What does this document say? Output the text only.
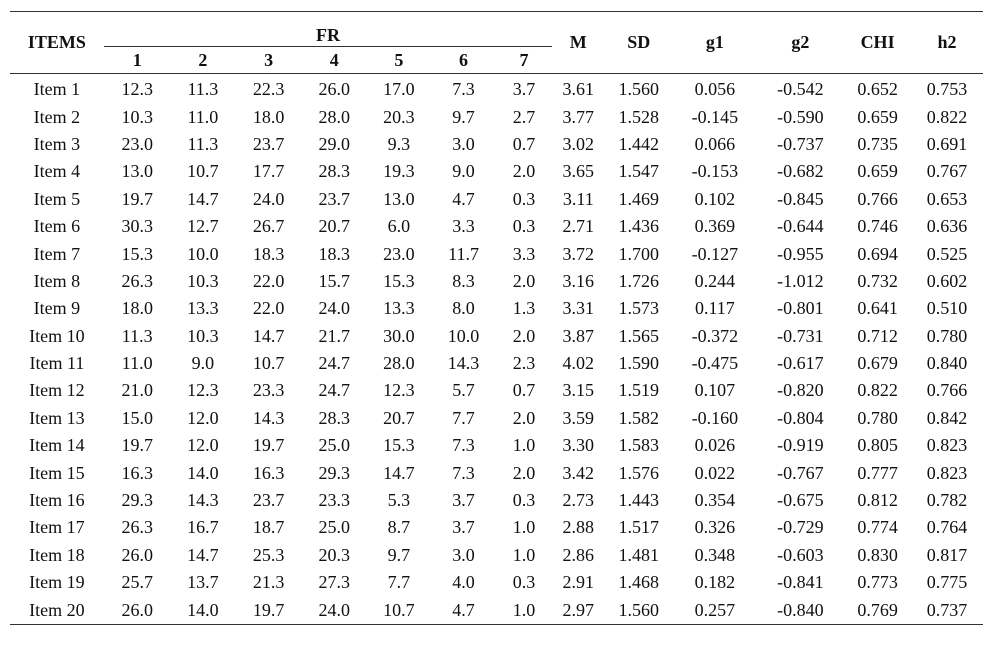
ITEMS	FR							M	SD	g1	g2	CHI	h2
	1	2	3	4	5	6	7						
Item 1	12.3	11.3	22.3	26.0	17.0	7.3	3.7	3.61	1.560	0.056	-0.542	0.652	0.753
Item 2	10.3	11.0	18.0	28.0	20.3	9.7	2.7	3.77	1.528	-0.145	-0.590	0.659	0.822
Item 3	23.0	11.3	23.7	29.0	9.3	3.0	0.7	3.02	1.442	0.066	-0.737	0.735	0.691
Item 4	13.0	10.7	17.7	28.3	19.3	9.0	2.0	3.65	1.547	-0.153	-0.682	0.659	0.767
Item 5	19.7	14.7	24.0	23.7	13.0	4.7	0.3	3.11	1.469	0.102	-0.845	0.766	0.653
Item 6	30.3	12.7	26.7	20.7	6.0	3.3	0.3	2.71	1.436	0.369	-0.644	0.746	0.636
Item 7	15.3	10.0	18.3	18.3	23.0	11.7	3.3	3.72	1.700	-0.127	-0.955	0.694	0.525
Item 8	26.3	10.3	22.0	15.7	15.3	8.3	2.0	3.16	1.726	0.244	-1.012	0.732	0.602
Item 9	18.0	13.3	22.0	24.0	13.3	8.0	1.3	3.31	1.573	0.117	-0.801	0.641	0.510
Item 10	11.3	10.3	14.7	21.7	30.0	10.0	2.0	3.87	1.565	-0.372	-0.731	0.712	0.780
Item 11	11.0	9.0	10.7	24.7	28.0	14.3	2.3	4.02	1.590	-0.475	-0.617	0.679	0.840
Item 12	21.0	12.3	23.3	24.7	12.3	5.7	0.7	3.15	1.519	0.107	-0.820	0.822	0.766
Item 13	15.0	12.0	14.3	28.3	20.7	7.7	2.0	3.59	1.582	-0.160	-0.804	0.780	0.842
Item 14	19.7	12.0	19.7	25.0	15.3	7.3	1.0	3.30	1.583	0.026	-0.919	0.805	0.823
Item 15	16.3	14.0	16.3	29.3	14.7	7.3	2.0	3.42	1.576	0.022	-0.767	0.777	0.823
Item 16	29.3	14.3	23.7	23.3	5.3	3.7	0.3	2.73	1.443	0.354	-0.675	0.812	0.782
Item 17	26.3	16.7	18.7	25.0	8.7	3.7	1.0	2.88	1.517	0.326	-0.729	0.774	0.764
Item 18	26.0	14.7	25.3	20.3	9.7	3.0	1.0	2.86	1.481	0.348	-0.603	0.830	0.817
Item 19	25.7	13.7	21.3	27.3	7.7	4.0	0.3	2.91	1.468	0.182	-0.841	0.773	0.775
Item 20	26.0	14.0	19.7	24.0	10.7	4.7	1.0	2.97	1.560	0.257	-0.840	0.769	0.737
